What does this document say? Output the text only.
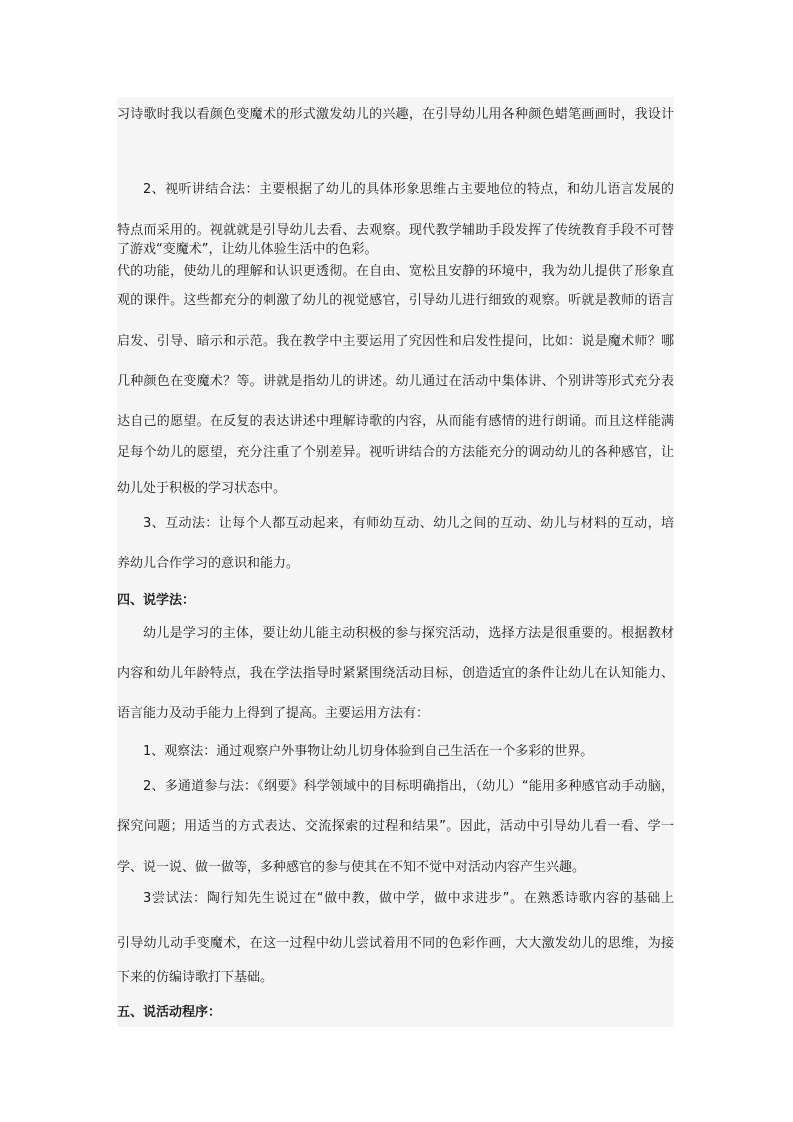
习诗歌时我以看颜色变魔术的形式激发幼儿的兴趣，在引导幼儿用各种颜色蜡笔画画时，我设计
了游戏“变魔术”，让幼儿体验生活中的色彩。
2、视听讲结合法：主要根据了幼儿的具体形象思维占主要地位的特点，和幼儿语言发展的
特点而采用的。视就就是引导幼儿去看、去观察。现代教学辅助手段发挥了传统教育手段不可替
代的功能，使幼儿的理解和认识更透彻。在自由、宽松且安静的环境中，我为幼儿提供了形象直
观的课件。这些都充分的刺激了幼儿的视觉感官，引导幼儿进行细致的观察。听就是教师的语言
启发、引导、暗示和示范。我在教学中主要运用了究因性和启发性提问，比如：说是魔术师？哪
几种颜色在变魔术？等。讲就是指幼儿的讲述。幼儿通过在活动中集体讲、个别讲等形式充分表
达自己的愿望。在反复的表达讲述中理解诗歌的内容，从而能有感情的进行朗诵。而且这样能满
足每个幼儿的愿望，充分注重了个别差异。视听讲结合的方法能充分的调动幼儿的各种感官，让
幼儿处于积极的学习状态中。
3、互动法：让每个人都互动起来，有师幼互动、幼儿之间的互动、幼儿与材料的互动，培
养幼儿合作学习的意识和能力。
四、说学法：
幼儿是学习的主体，要让幼儿能主动积极的参与探究活动，选择方法是很重要的。根据教材
内容和幼儿年龄特点，我在学法指导时紧紧围绕活动目标，创造适宜的条件让幼儿在认知能力、
语言能力及动手能力上得到了提高。主要运用方法有：
1、观察法：通过观察户外事物让幼儿切身体验到自己生活在一个多彩的世界。
2、多通道参与法：《纲要》科学领域中的目标明确指出，（幼儿）“能用多种感官动手动脑，
探究问题；用适当的方式表达、交流探索的过程和结果”。因此，活动中引导幼儿看一看、学一
学、说一说、做一做等，多种感官的参与使其在不知不觉中对活动内容产生兴趣。
3尝试法：陶行知先生说过在“做中教，做中学，做中求进步”。在熟悉诗歌内容的基础上
引导幼儿动手变魔术，在这一过程中幼儿尝试着用不同的色彩作画，大大激发幼儿的思维，为接
下来的仿编诗歌打下基础。
五、说活动程序：
